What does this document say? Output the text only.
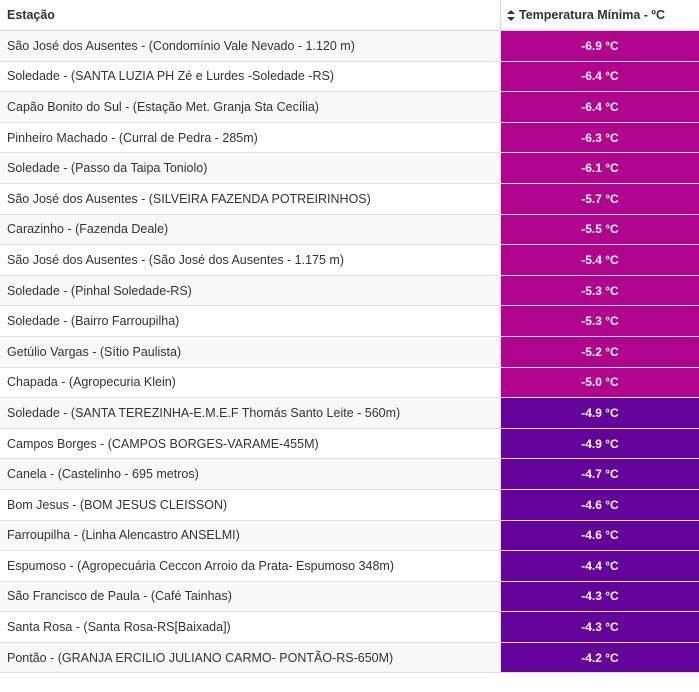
Estação	Temperatura Mínima - ºC
São José dos Ausentes - (Condomínio Vale Nevado - 1.120 m)	-6.9 °C
Soledade - (SANTA LUZIA PH Zé e Lurdes -Soledade -RS)	-6.4 °C
Capão Bonito do Sul - (Estação Met. Granja Sta Cecília)	-6.4 °C
Pinheiro Machado - (Curral de Pedra - 285m)	-6.3 °C
Soledade - (Passo da Taipa Toniolo)	-6.1 °C
São José dos Ausentes - (SILVEIRA FAZENDA POTREIRINHOS)	-5.7 °C
Carazinho - (Fazenda Deale)	-5.5 °C
São José dos Ausentes - (São José dos Ausentes - 1.175 m)	-5.4 °C
Soledade - (Pinhal Soledade-RS)	-5.3 °C
Soledade - (Bairro Farroupilha)	-5.3 °C
Getúlio Vargas - (Sítio Paulista)	-5.2 °C
Chapada - (Agropecuria Klein)	-5.0 °C
Soledade - (SANTA TEREZINHA-E.M.E.F Thomás Santo Leite - 560m)	-4.9 °C
Campos Borges - (CAMPOS BORGES-VARAME-455M)	-4.9 °C
Canela - (Castelinho - 695 metros)	-4.7 °C
Bom Jesus - (BOM JESUS CLEISSON)	-4.6 °C
Farroupilha - (Linha Alencastro ANSELMI)	-4.6 °C
Espumoso - (Agropecuária Ceccon Arroio da Prata- Espumoso 348m)	-4.4 °C
São Francisco de Paula - (Café Tainhas)	-4.3 °C
Santa Rosa - (Santa Rosa-RS[Baixada])	-4.3 °C
Pontão - (GRANJA ERCILIO JULIANO CARMO- PONTÃO-RS-650M)	-4.2 °C
